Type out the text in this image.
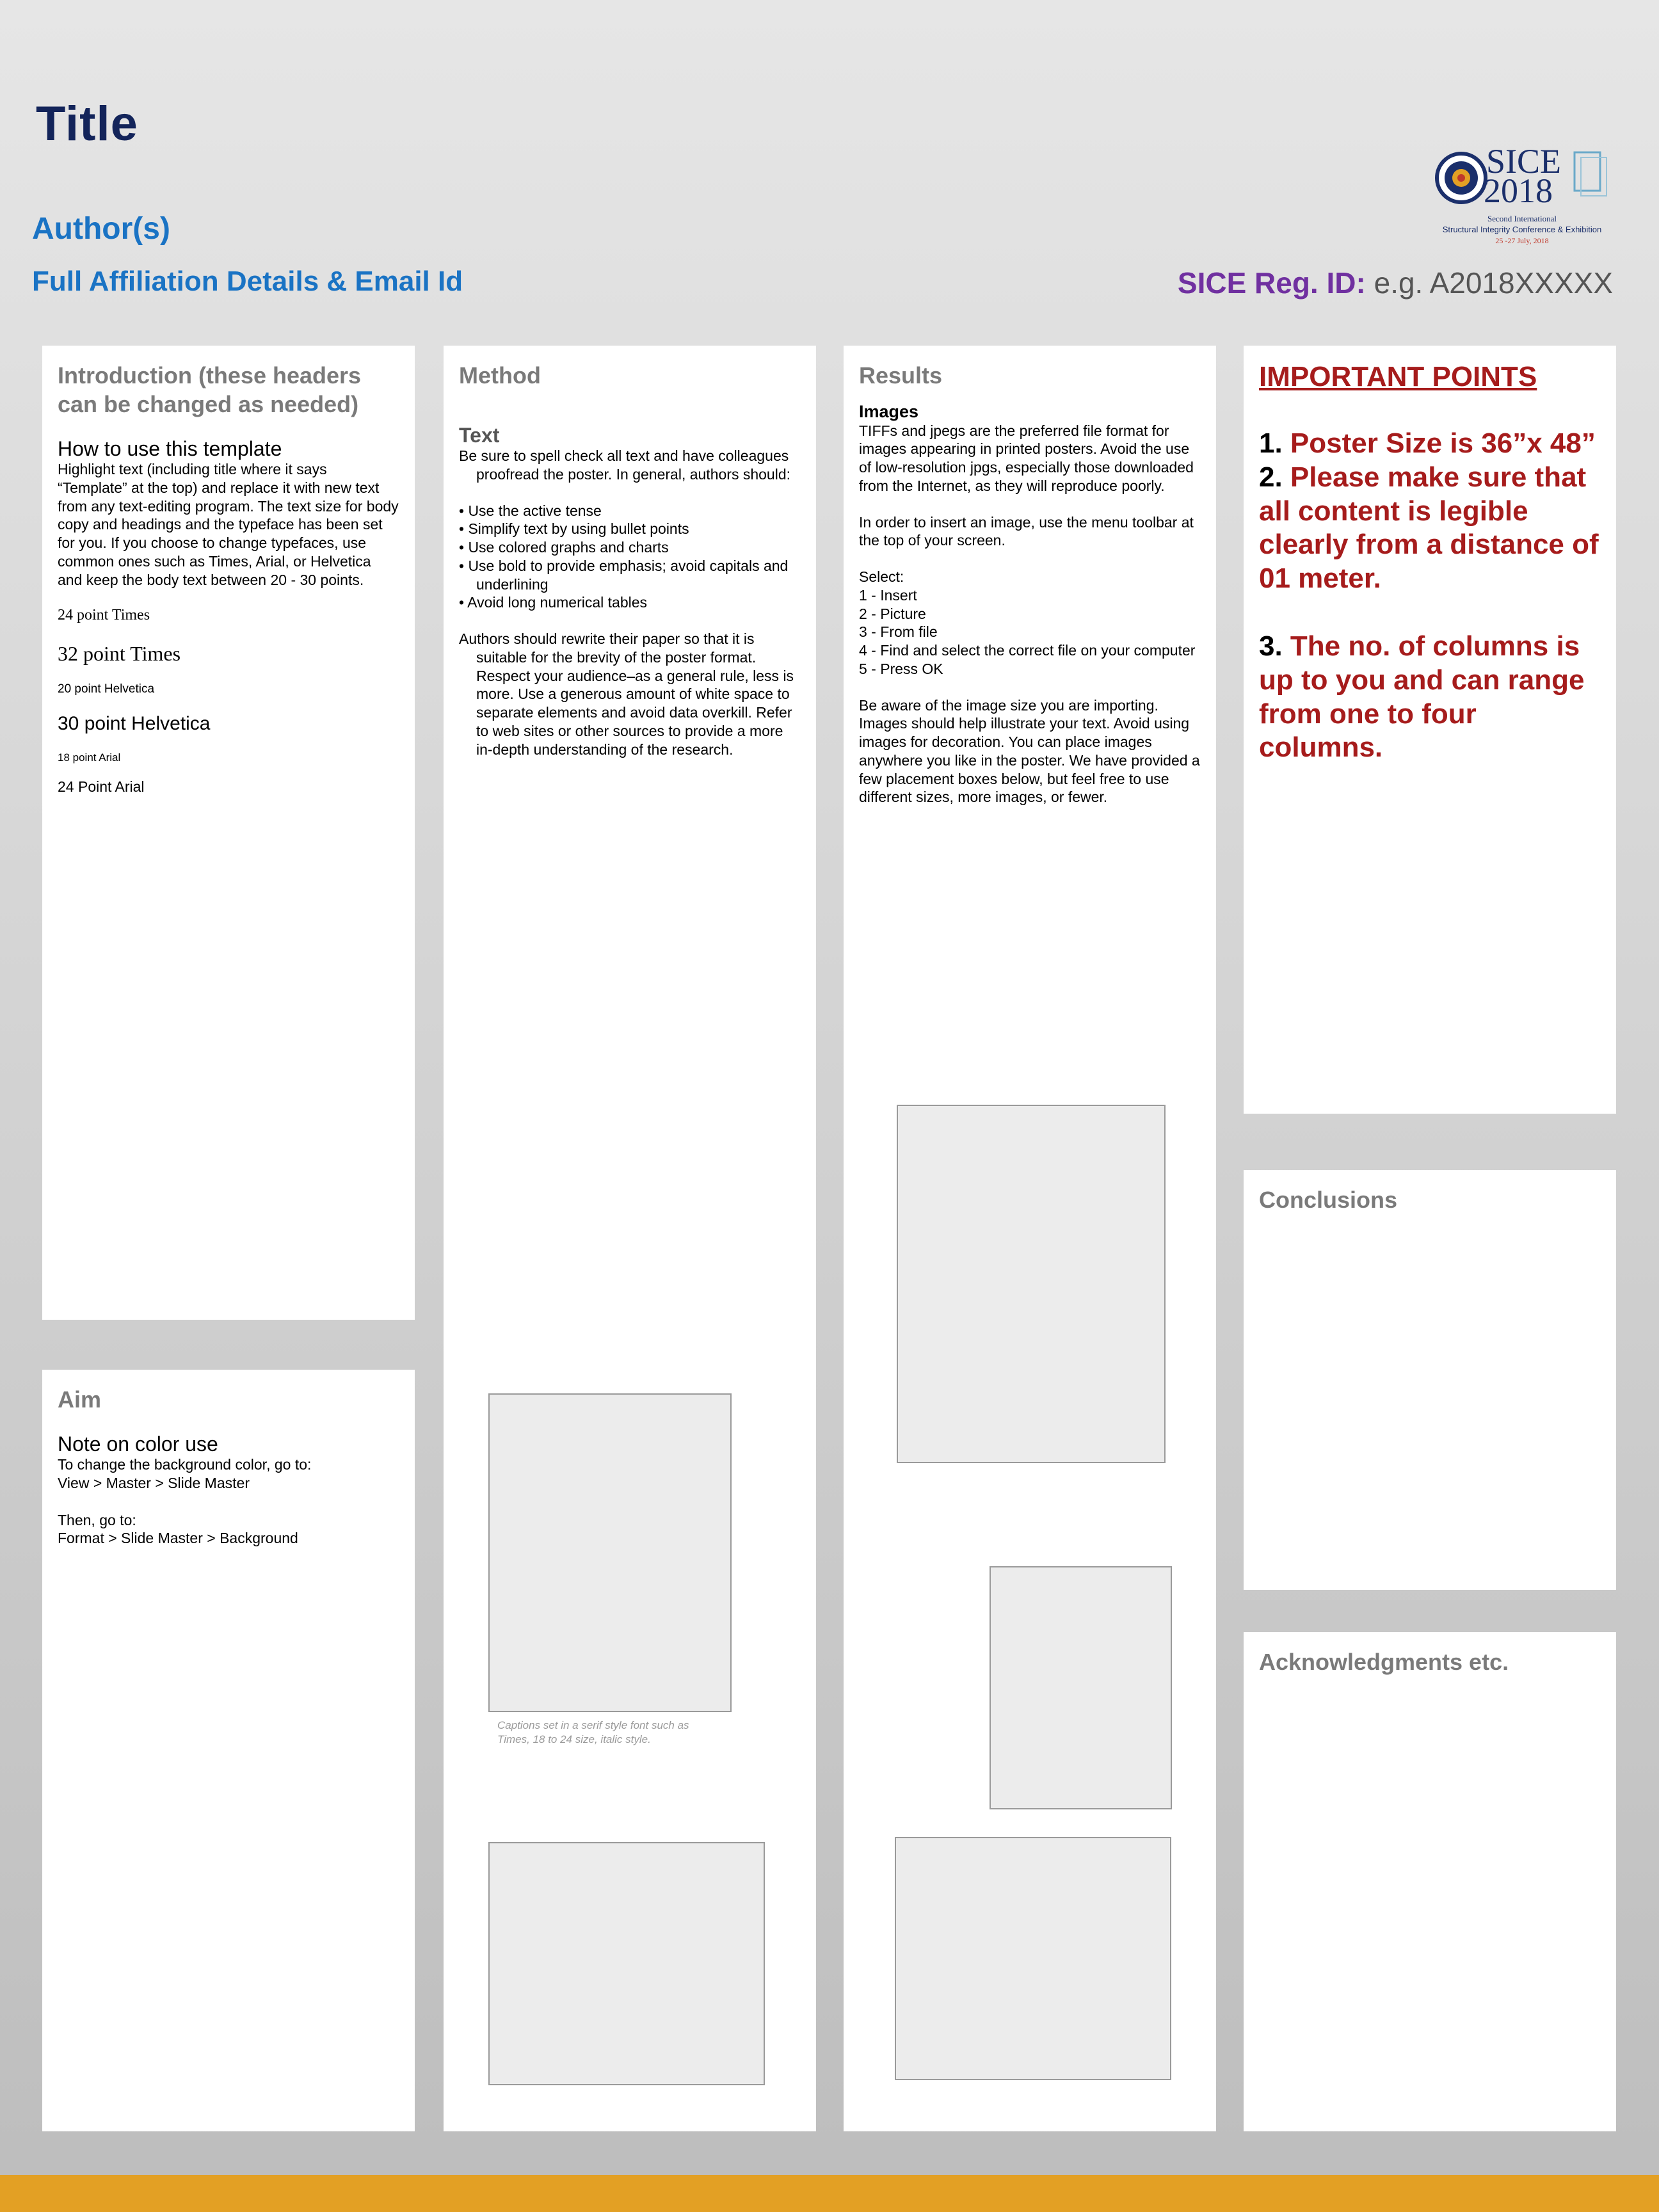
Title
Author(s)
Full Affiliation Details & Email Id	SICE Reg. ID: e.g. A2018XXXXX
SICE
2018
Second International
Structural Integrity Conference & Exhibition
25 -27 July, 2018
Introduction (these headers can be changed as needed)
How to use this template
Highlight text (including title where it says “Template” at the top) and replace it with new text from any text-editing program. The text size for body copy and headings and the typeface has been set for you. If you choose to change typefaces, use common ones such as Times, Arial, or Helvetica and keep the body text between 20 - 30 points.
24 point Times
32 point Times
20 point Helvetica
30 point Helvetica
18 point Arial
24 Point Arial
Aim
Note on color use
To change the background color, go to:
View > Master > Slide Master
Then, go to:
Format > Slide Master > Background
Method
Text
Be sure to spell check all text and have colleagues proofread the poster. In general, authors should:
• Use the active tense
• Simplify text by using bullet points
• Use colored graphs and charts
• Use bold to provide emphasis; avoid capitals and underlining
• Avoid long numerical tables
Authors should rewrite their paper so that it is suitable for the brevity of the poster format. Respect your audience–as a general rule, less is more. Use a generous amount of white space to separate elements and avoid data overkill. Refer to web sites or other sources to provide a more in-depth understanding of the research.
Captions set in a serif style font such as Times, 18 to 24 size, italic style.
Results
Images
TIFFs and jpegs are the preferred file format for images appearing in printed posters. Avoid the use of low-resolution jpgs, especially those downloaded from the Internet, as they will reproduce poorly.
In order to insert an image, use the menu toolbar at the top of your screen.
Select:
1 - Insert
2 - Picture
3 - From file
4 - Find and select the correct file on your computer
5 - Press OK
Be aware of the image size you are importing. Images should help illustrate your text. Avoid using images for decoration. You can place images anywhere you like in the poster. We have provided a few placement boxes below, but feel free to use different sizes, more images, or fewer.
IMPORTANT POINTS
1. Poster Size is 36”x 48”
2. Please make sure that all content is legible clearly from a distance of 01 meter.
3. The no. of columns is up to you and can range from one to four columns.
Conclusions
Acknowledgments etc.
